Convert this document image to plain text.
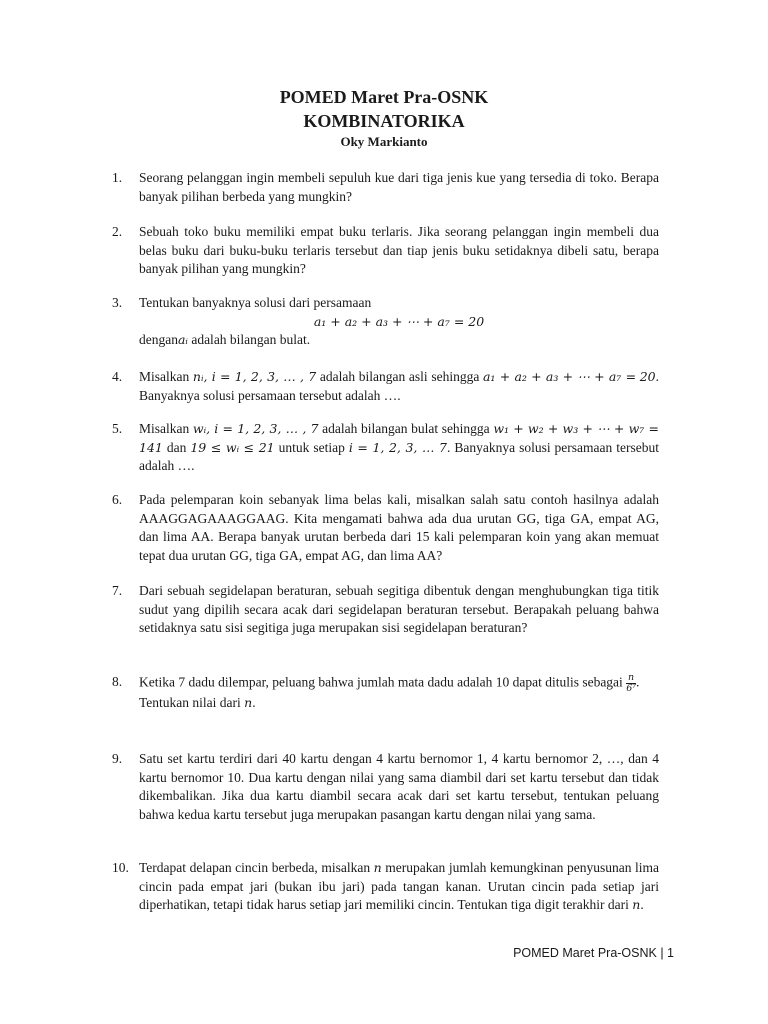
POMED Maret Pra-OSNK
KOMBINATORIKA
Oky Markianto
1. Seorang pelanggan ingin membeli sepuluh kue dari tiga jenis kue yang tersedia di toko. Berapa banyak pilihan berbeda yang mungkin?
2. Sebuah toko buku memiliki empat buku terlaris. Jika seorang pelanggan ingin membeli dua belas buku dari buku-buku terlaris tersebut dan tiap jenis buku setidaknya dibeli satu, berapa banyak pilihan yang mungkin?
3. Tentukan banyaknya solusi dari persamaan
a₁ + a₂ + a₃ + ⋯ + a₇ = 20
denganaᵢ adalah bilangan bulat.
4. Misalkan nᵢ, i = 1, 2, 3, … , 7 adalah bilangan asli sehingga a₁ + a₂ + a₃ + ⋯ + a₇ = 20. Banyaknya solusi persamaan tersebut adalah ….
5. Misalkan wᵢ, i = 1, 2, 3, … , 7 adalah bilangan bulat sehingga w₁ + w₂ + w₃ + ⋯ + w₇ = 141 dan 19 ≤ wᵢ ≤ 21 untuk setiap i = 1, 2, 3, … 7. Banyaknya solusi persamaan tersebut adalah ….
6. Pada pelemparan koin sebanyak lima belas kali, misalkan salah satu contoh hasilnya adalah AAAGGAGAAAGGAAG. Kita mengamati bahwa ada dua urutan GG, tiga GA, empat AG, dan lima AA. Berapa banyak urutan berbeda dari 15 kali pelemparan koin yang akan memuat tepat dua urutan GG, tiga GA, empat AG, dan lima AA?
7. Dari sebuah segidelapan beraturan, sebuah segitiga dibentuk dengan menghubungkan tiga titik sudut yang dipilih secara acak dari segidelapan beraturan tersebut. Berapakah peluang bahwa setidaknya satu sisi segitiga juga merupakan sisi segidelapan beraturan?
8. Ketika 7 dadu dilempar, peluang bahwa jumlah mata dadu adalah 10 dapat ditulis sebagai $\frac{n}{\text{6⁷}}$ .
Tentukan nilai dari n.
9. Satu set kartu terdiri dari 40 kartu dengan 4 kartu bernomor 1, 4 kartu bernomor 2, …, dan 4 kartu bernomor 10. Dua kartu dengan nilai yang sama diambil dari set kartu tersebut dan tidak dikembalikan. Jika dua kartu diambil secara acak dari set kartu tersebut, tentukan peluang bahwa kedua kartu tersebut juga merupakan pasangan kartu dengan nilai yang sama.
10. Terdapat delapan cincin berbeda, misalkan n merupakan jumlah kemungkinan penyusunan lima cincin pada empat jari (bukan ibu jari) pada tangan kanan. Urutan cincin pada setiap jari diperhatikan, tetapi tidak harus setiap jari memiliki cincin. Tentukan tiga digit terakhir dari n.
POMED Maret Pra-OSNK | 1
